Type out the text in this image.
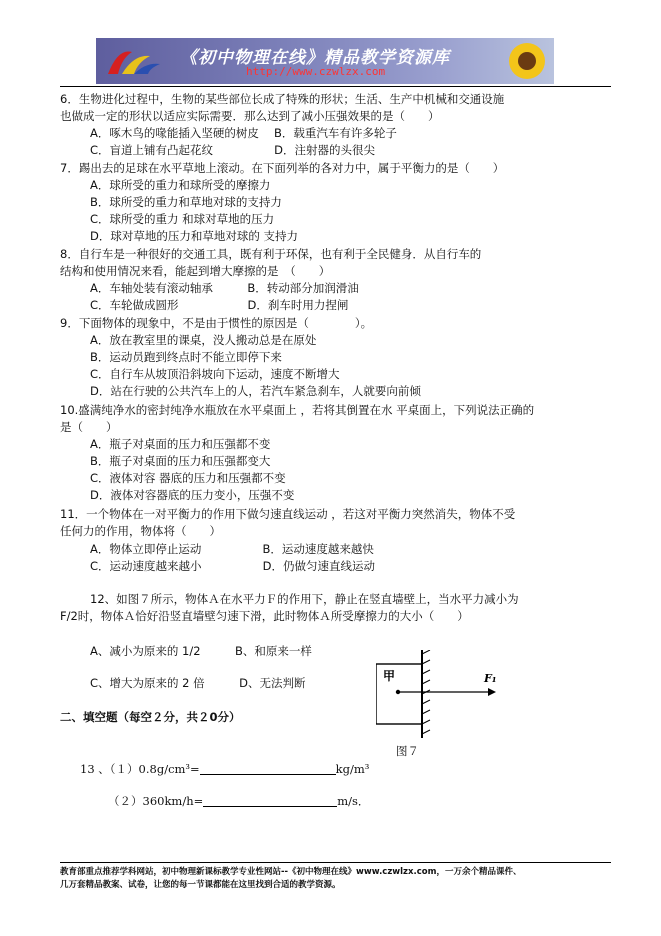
《初中物理在线》精品教学资源库
http://www.czwlzx.com
6．生物进化过程中，生物的某些部位长成了特殊的形状；生活、生产中机械和交通设施
也做成一定的形状以适应实际需要．那么达到了减小压强效果的是（　　）
A．啄木鸟的喙能插入坚硬的树皮　 B．载重汽车有许多轮子
C．盲道上铺有凸起花纹　　　　　 D．注射器的头很尖
7．踢出去的足球在水平草地上滚动。在下面列举的各对力中，属于平衡力的是（　　）
A．球所受的重力和球所受的摩擦力
B．球所受的重力和草地对球的支持力
C．球所受的重力 和球对草地的压力
D．球对草地的压力和草地对球的 支持力
8．自行车是一种很好的交通工具，既有利于环保，也有利于全民健身．从自行车的
结构和使用情况来看，能起到增大摩擦的是　（　　）
A．车轴处装有滚动轴承　　　B．转动部分加润滑油
C．车轮做成圆形　　　　　　D．刹车时用力捏闸
9．下面物体的现象中，不是由于惯性的原因是（　　　　）。
A．放在教室里的课桌，没人搬动总是在原处
B．运动员跑到终点时不能立即停下来
C．自行车从坡顶沿斜坡向下运动，速度不断增大
D．站在行驶的公共汽车上的人，若汽车紧急刹车，人就要向前倾
10.盛满纯净水的密封纯净水瓶放在水平桌面上 ，若将其倒置在水 平桌面上，下列说法正确的
是（　　）
A．瓶子对桌面的压力和压强都不变
B．瓶子对桌面的压力和压强都变大
C．液体对容 器底的压力和压强都不变
D．液体对容器底的压力变小，压强不变
11．一个物体在一对平衡力的作用下做匀速直线运动 ，若这对平衡力突然消失，物体不受
任何力的作用，物体将（　　）
A．物体立即停止运动　　　　　 B．运动速度越来越快
C．运动速度越来越小　　　　　 D．仍做匀速直线运动
12、如图７所示，物体Ａ在水平力Ｆ的作用下，静止在竖直墙壁上，当水平力减小为
F/2时，物体Ａ恰好沿竖直墙壁匀速下滑，此时物体Ａ所受摩擦力的大小（　　）
A、减小为原来的 1/2　　　B、和原来一样
C、增大为原来的 2 倍　　　D、无法判断
二、填空题（每空２分，共２0分）
甲	F₁
图７
13 、（１）0.8g/cm³=	kg/m³
（２）360km/h=	m/s．
教育部重点推荐学科网站，初中物理新课标教学专业性网站--《初中物理在线》www.czwlzx.com，一万余个精品课件、
几万套精品教案、试卷，让您的每一节课都能在这里找到合适的教学资源。
